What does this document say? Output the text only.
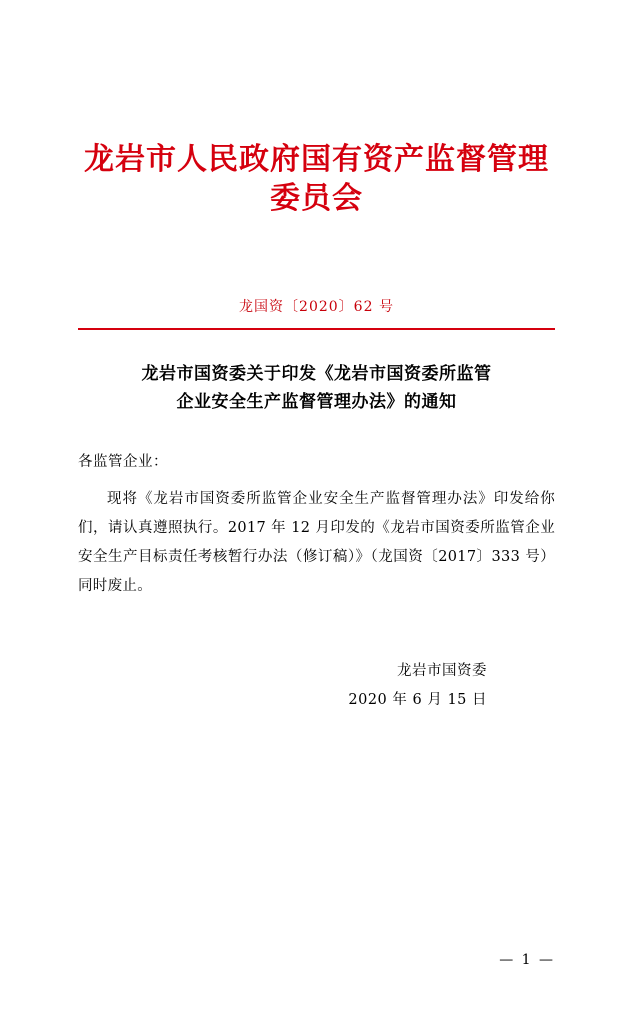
龙岩市人民政府国有资产监督管理委员会
龙国资〔2020〕62 号
龙岩市国资委关于印发《龙岩市国资委所监管
企业安全生产监督管理办法》的通知
各监管企业：
现将《龙岩市国资委所监管企业安全生产监督管理办法》印发给你们，请认真遵照执行。2017 年 12 月印发的《龙岩市国资委所监管企业安全生产目标责任考核暂行办法（修订稿）》（龙国资〔2017〕333 号）同时废止。
龙岩市国资委
2020 年 6 月 15 日
— 1 —
